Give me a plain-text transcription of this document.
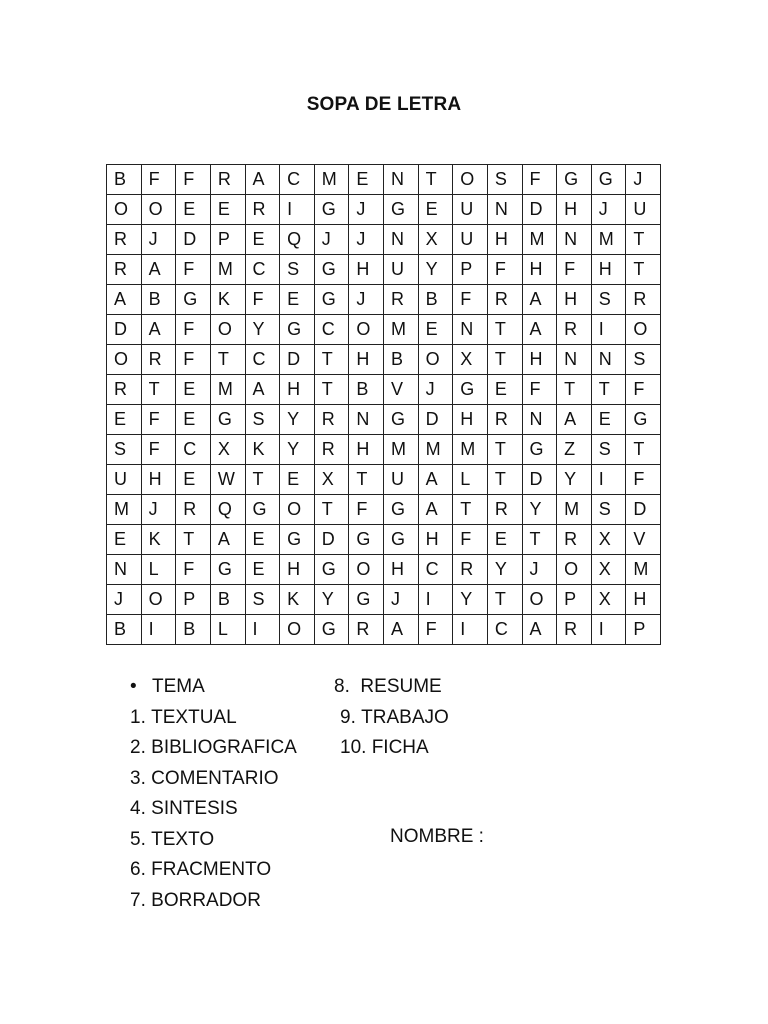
SOPA DE LETRA
B	F	F	R	A	C	M	E	N	T	O	S	F	G	G	J
O	O	E	E	R	I	G	J	G	E	U	N	D	H	J	U
R	J	D	P	E	Q	J	J	N	X	U	H	M	N	M	T
R	A	F	M	C	S	G	H	U	Y	P	F	H	F	H	T
A	B	G	K	F	E	G	J	R	B	F	R	A	H	S	R
D	A	F	O	Y	G	C	O	M	E	N	T	A	R	I	O
O	R	F	T	C	D	T	H	B	O	X	T	H	N	N	S
R	T	E	M	A	H	T	B	V	J	G	E	F	T	T	F
E	F	E	G	S	Y	R	N	G	D	H	R	N	A	E	G
S	F	C	X	K	Y	R	H	M	M	M	T	G	Z	S	T
U	H	E	W	T	E	X	T	U	A	L	T	D	Y	I	F
M	J	R	Q	G	O	T	F	G	A	T	R	Y	M	S	D
E	K	T	A	E	G	D	G	G	H	F	E	T	R	X	V
N	L	F	G	E	H	G	O	H	C	R	Y	J	O	X	M
J	O	P	B	S	K	Y	G	J	I	Y	T	O	P	X	H
B	I	B	L	I	O	G	R	A	F	I	C	A	R	I	P
• TEMA
1.
TEXTUAL
2.
BIBLIOGRAFICA
3.
COMENTARIO
4.
SINTESIS
5.
TEXTO
6.
FRACMENTO
7.
BORRADOR
8. RESUME
9. TRABAJO
10. FICHA
NOMBRE :
